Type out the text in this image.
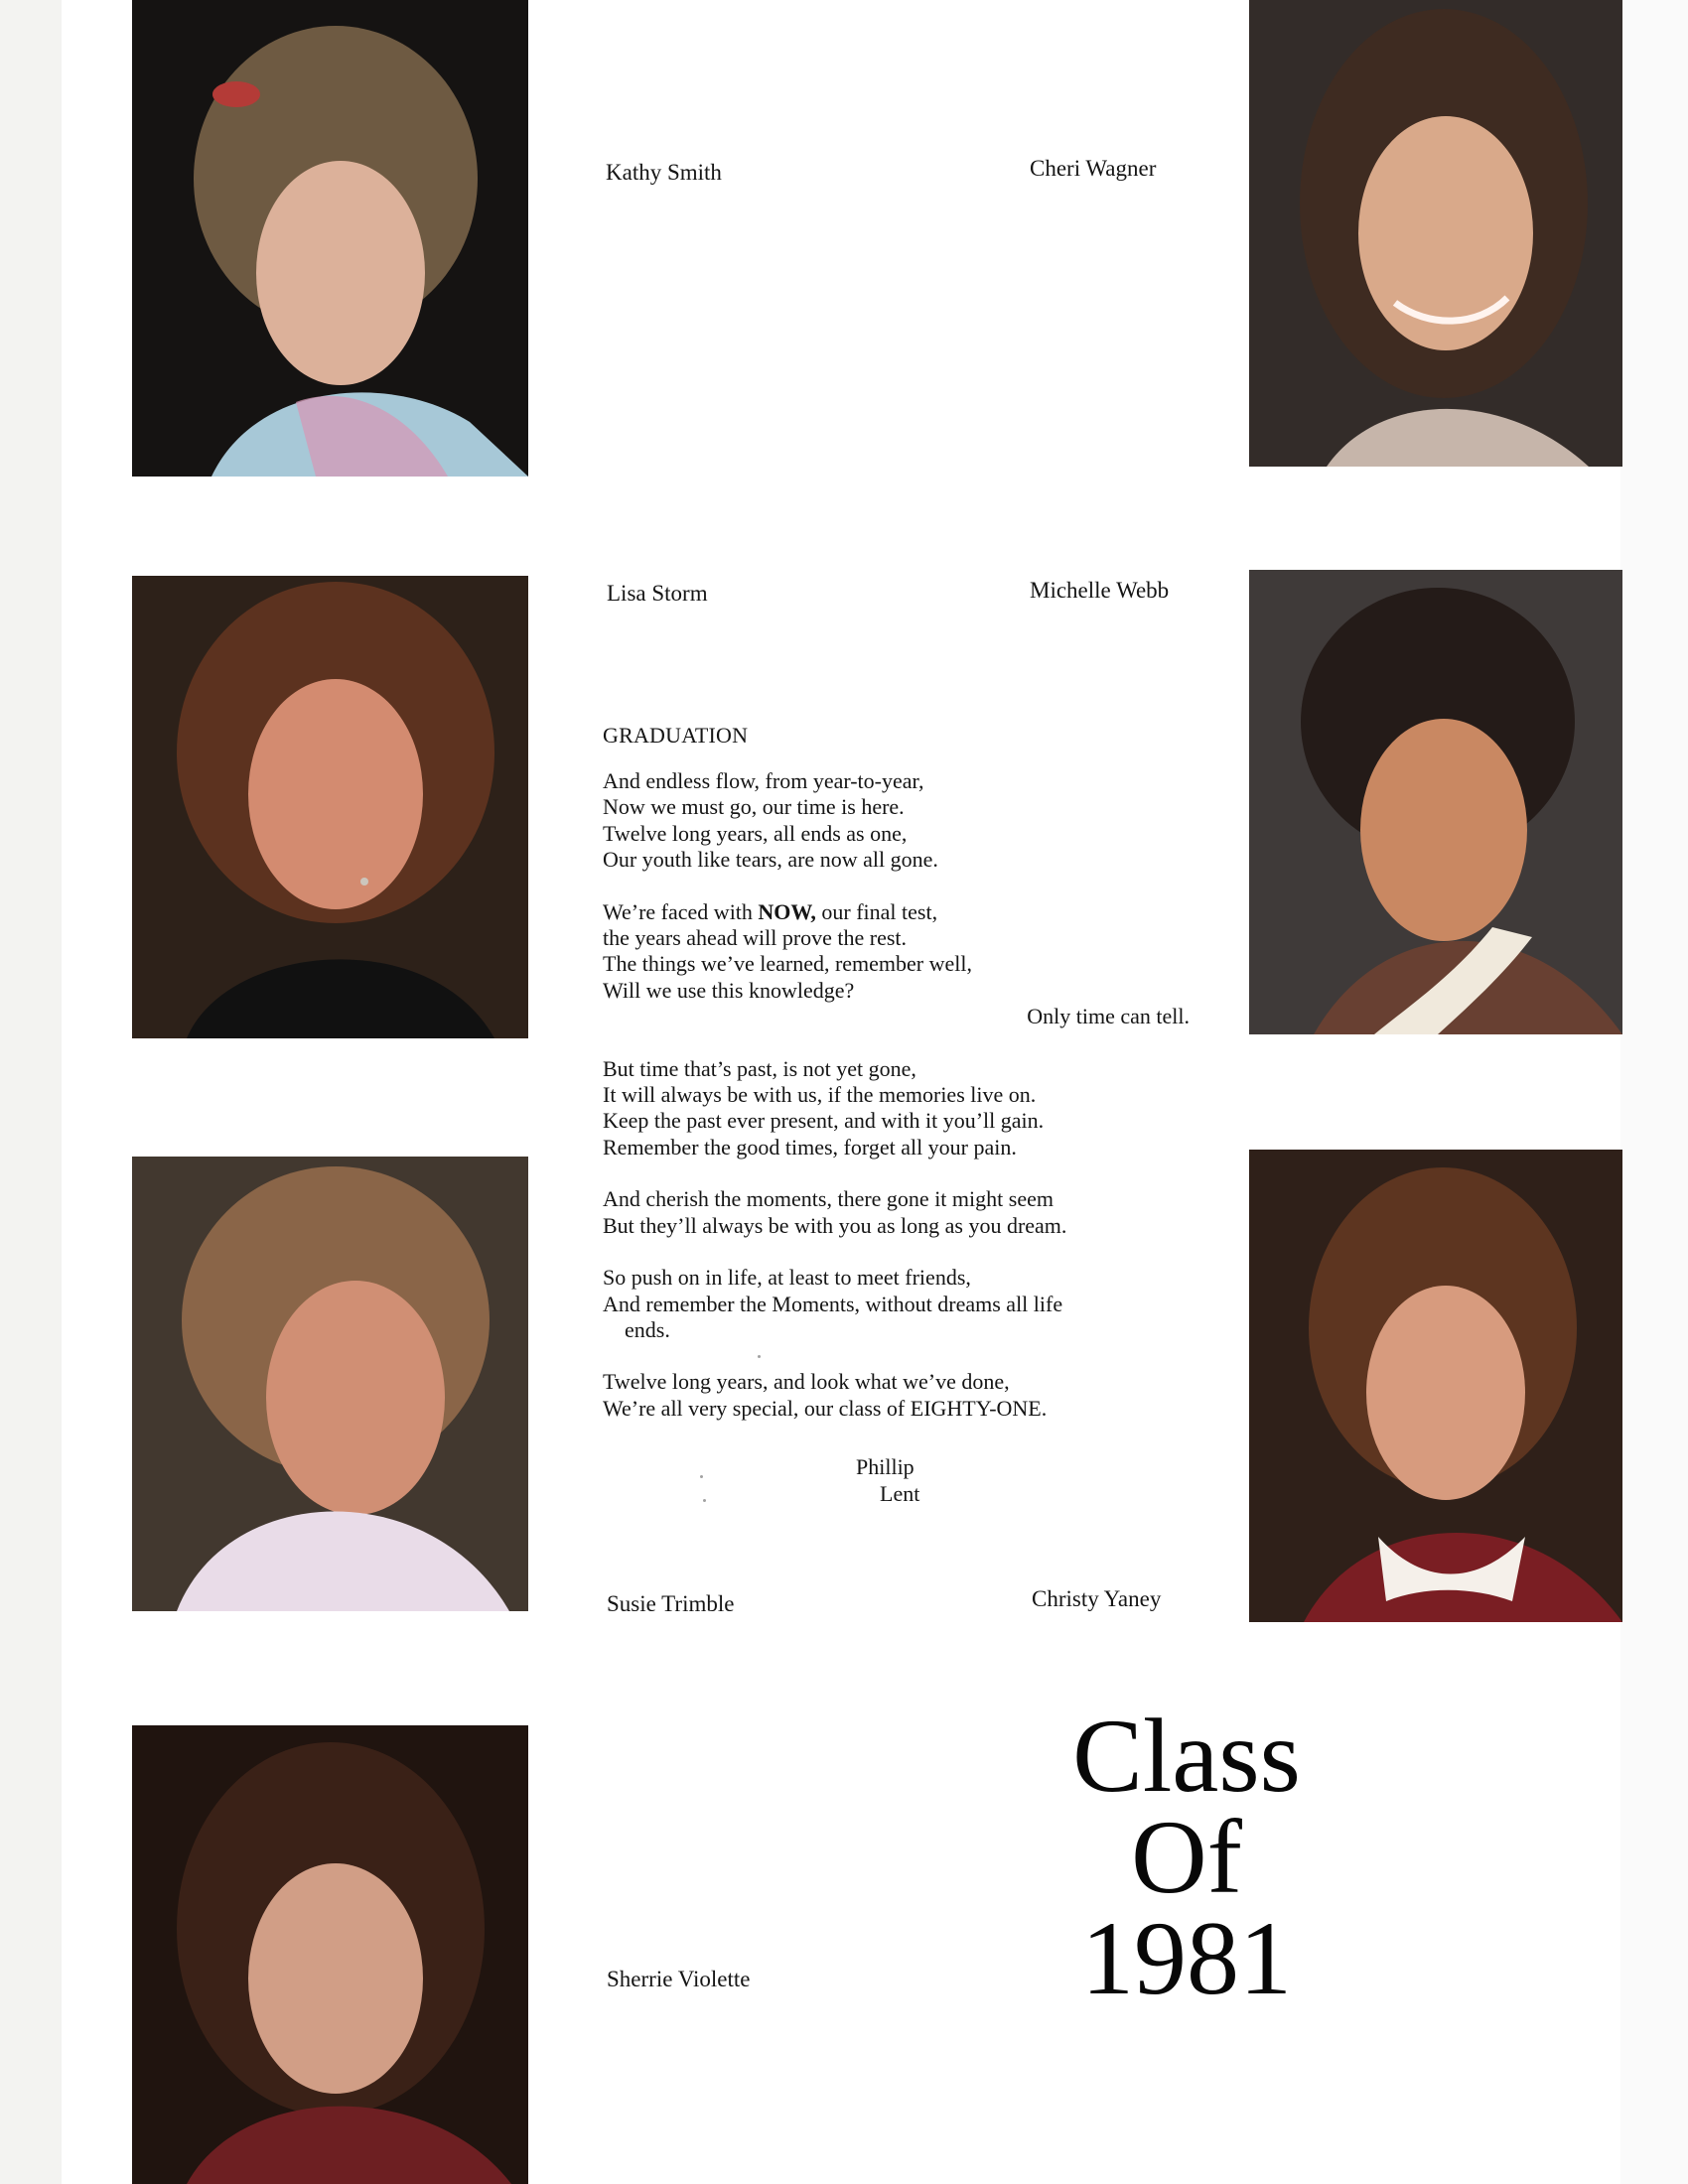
Kathy Smith	Cheri Wagner
Lisa Storm	Michelle Webb
Susie Trimble	Christy Yaney
Sherrie Violette
GRADUATION
And endless flow, from year-to-year,
Now we must go, our time is here.
Twelve long years, all ends as one,
Our youth like tears, are now all gone.
We’re faced with NOW, our final test,
the years ahead will prove the rest.
The things we’ve learned, remember well,
Will we use this knowledge?
Only time can tell.
But time that’s past, is not yet gone,
It will always be with us, if the memories live on.
Keep the past ever present, and with it you’ll gain.
Remember the good times, forget all your pain.
And cherish the moments, there gone it might seem
But they’ll always be with you as long as you dream.
So push on in life, at least to meet friends,
And remember the Moments, without dreams all life
ends.
Twelve long years, and look what we’ve done,
We’re all very special, our class of EIGHTY-ONE.
Phillip
Lent
Class
Of
1981
